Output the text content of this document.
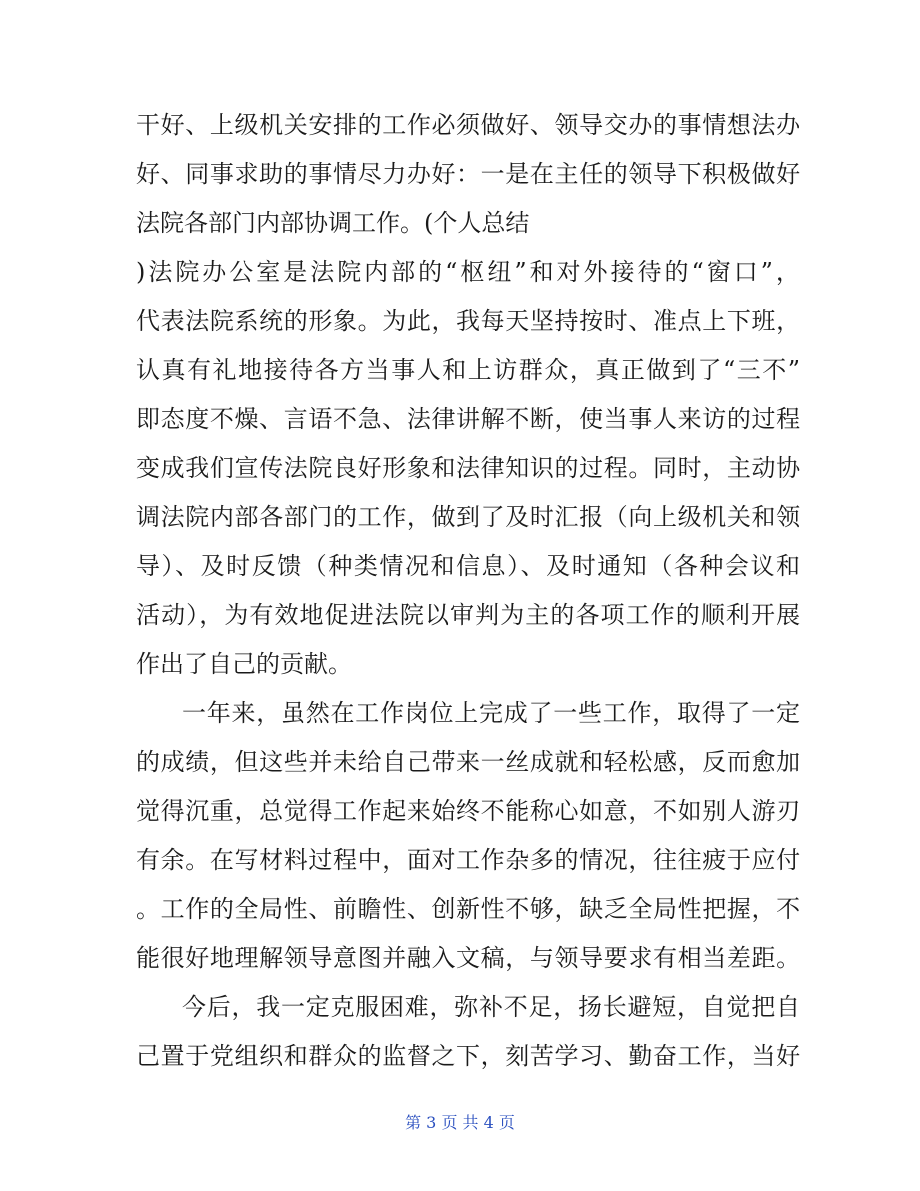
干好、上级机关安排的工作必须做好、领导交办的事情想法办
好、同事求助的事情尽力办好：一是在主任的领导下积极做好
法院各部门内部协调工作。(个人总结
)法院办公室是法院内部的“枢纽”和对外接待的“窗口”，
代表法院系统的形象。为此，我每天坚持按时、准点上下班，
认真有礼地接待各方当事人和上访群众，真正做到了“三不”
即态度不燥、言语不急、法律讲解不断，使当事人来访的过程
变成我们宣传法院良好形象和法律知识的过程。同时，主动协
调法院内部各部门的工作，做到了及时汇报（向上级机关和领
导）、及时反馈（种类情况和信息）、及时通知（各种会议和
活动），为有效地促进法院以审判为主的各项工作的顺利开展
作出了自己的贡献。
一年来，虽然在工作岗位上完成了一些工作，取得了一定
的成绩，但这些并未给自己带来一丝成就和轻松感，反而愈加
觉得沉重，总觉得工作起来始终不能称心如意，不如别人游刃
有余。在写材料过程中，面对工作杂多的情况，往往疲于应付
。工作的全局性、前瞻性、创新性不够，缺乏全局性把握，不
能很好地理解领导意图并融入文稿，与领导要求有相当差距。
今后，我一定克服困难，弥补不足，扬长避短，自觉把自
己置于党组织和群众的监督之下，刻苦学习、勤奋工作，当好
第 3 页 共 4 页
